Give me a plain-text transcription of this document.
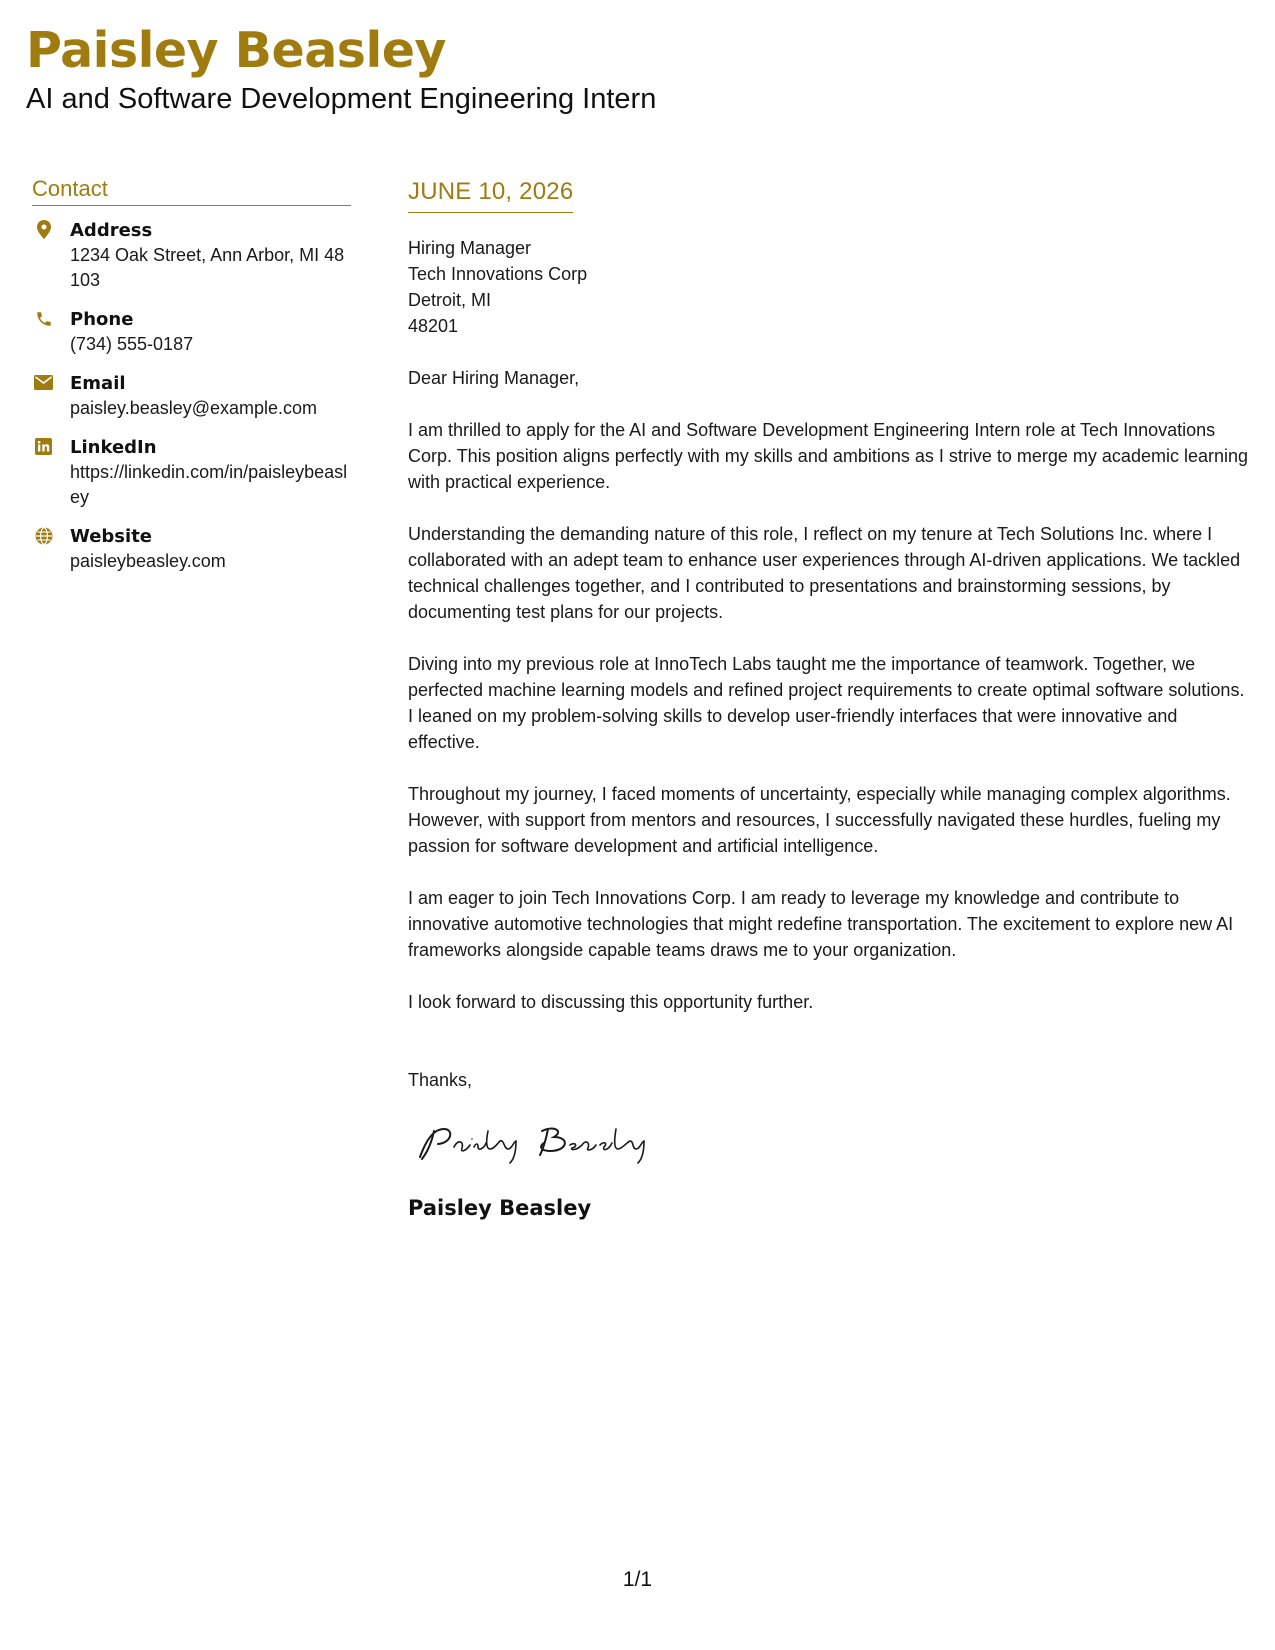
Paisley Beasley
AI and Software Development Engineering Intern
Contact
Address
1234 Oak Street, Ann Arbor, MI 48103
Phone
(734) 555-0187
Email
paisley.beasley@example.com
LinkedIn
https://linkedin.com/in/paisleybeasley
Website
paisleybeasley.com
JUNE 10, 2026
Hiring Manager
Tech Innovations Corp
Detroit, MI
48201
Dear Hiring Manager,

I am thrilled to apply for the AI and Software Development Engineering Intern role at Tech Innovations Corp. This position aligns perfectly with my skills and ambitions as I strive to merge my academic learning with practical experience.

Understanding the demanding nature of this role, I reflect on my tenure at Tech Solutions Inc. where I collaborated with an adept team to enhance user experiences through AI-driven applications. We tackled technical challenges together, and I contributed to presentations and brainstorming sessions, by documenting test plans for our projects.

Diving into my previous role at InnoTech Labs taught me the importance of teamwork. Together, we perfected machine learning models and refined project requirements to create optimal software solutions. I leaned on my problem-solving skills to develop user-friendly interfaces that were innovative and effective.

Throughout my journey, I faced moments of uncertainty, especially while managing complex algorithms. However, with support from mentors and resources, I successfully navigated these hurdles, fueling my passion for software development and artificial intelligence.

I am eager to join Tech Innovations Corp. I am ready to leverage my knowledge and contribute to innovative automotive technologies that might redefine transportation. The excitement to explore new AI frameworks alongside capable teams draws me to your organization.

I look forward to discussing this opportunity further.

Thanks,
Paisley Beasley
1/1
